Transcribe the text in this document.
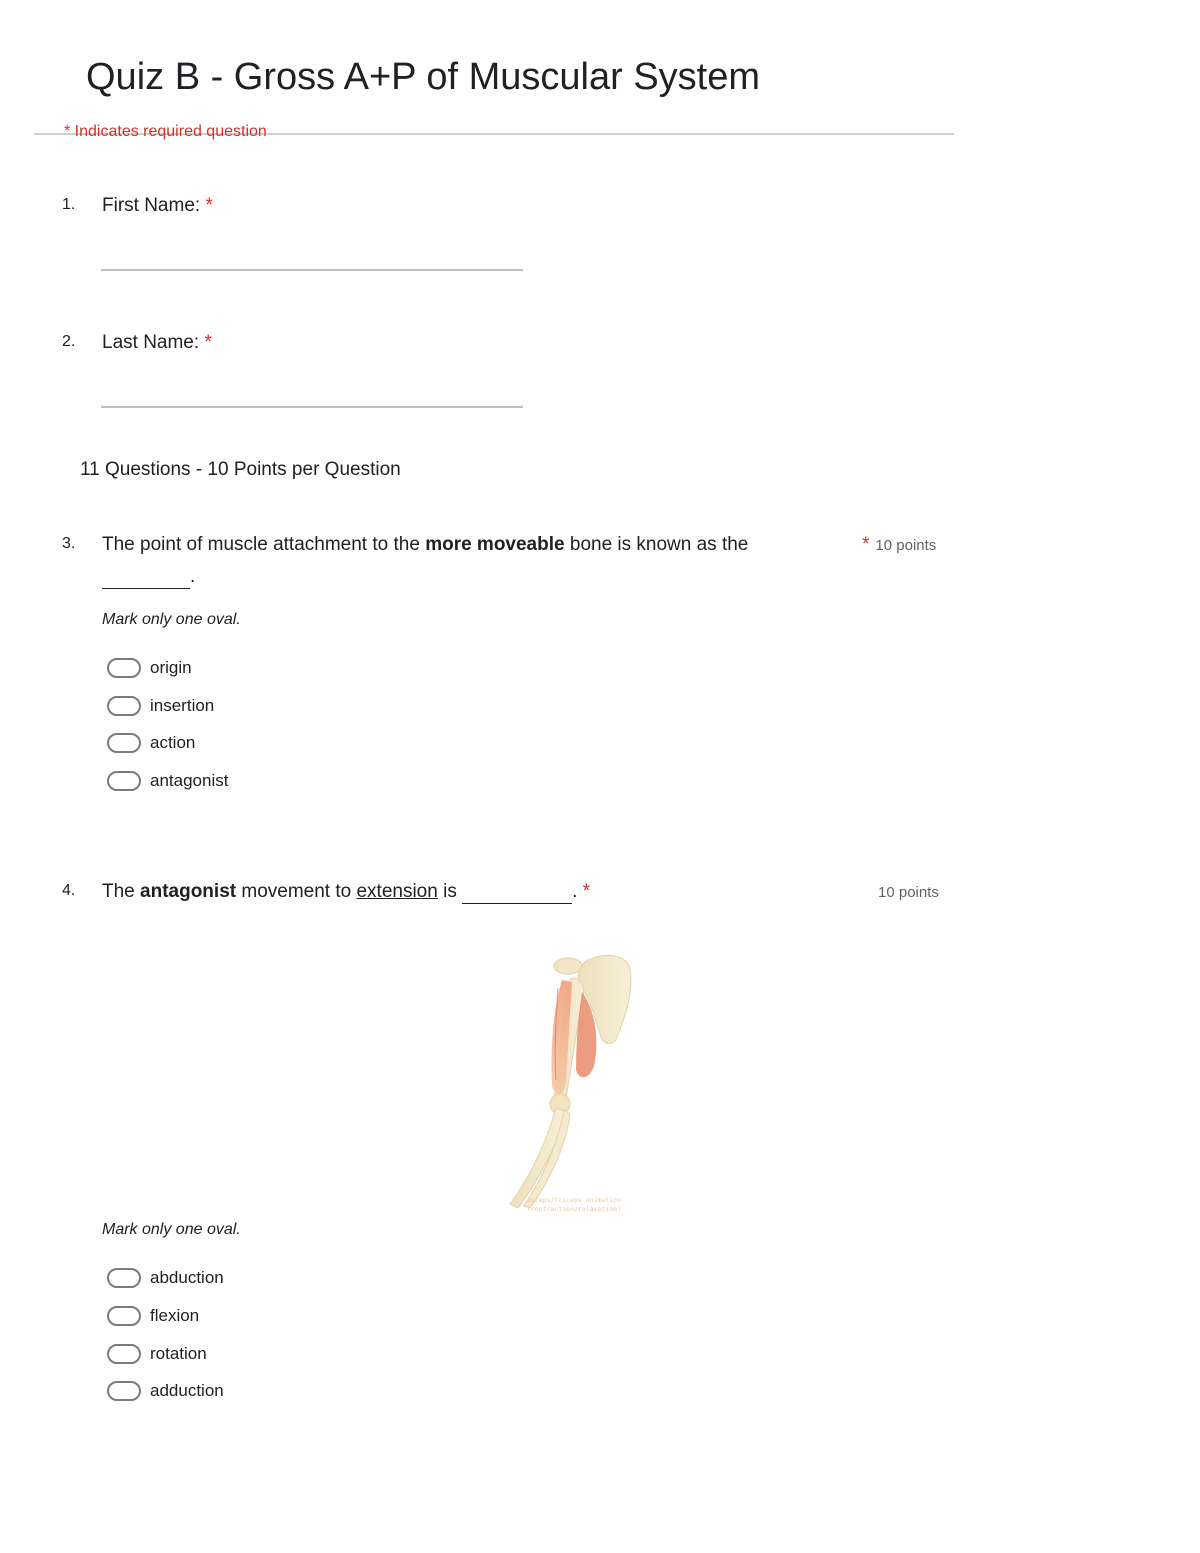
Quiz B - Gross A+P of Muscular System
* Indicates required question
1. First Name: *
2. Last Name: *
11 Questions - 10 Points per Question
3. The point of muscle attachment to the more moveable bone is known as the
.
* 10 points
Mark only one oval.
origin
insertion
action
antagonist
4. The antagonist movement to extension is	. *	10 points
biceps/triceps animation
(contraction/relaxation)
Mark only one oval.
abduction
flexion
rotation
adduction
